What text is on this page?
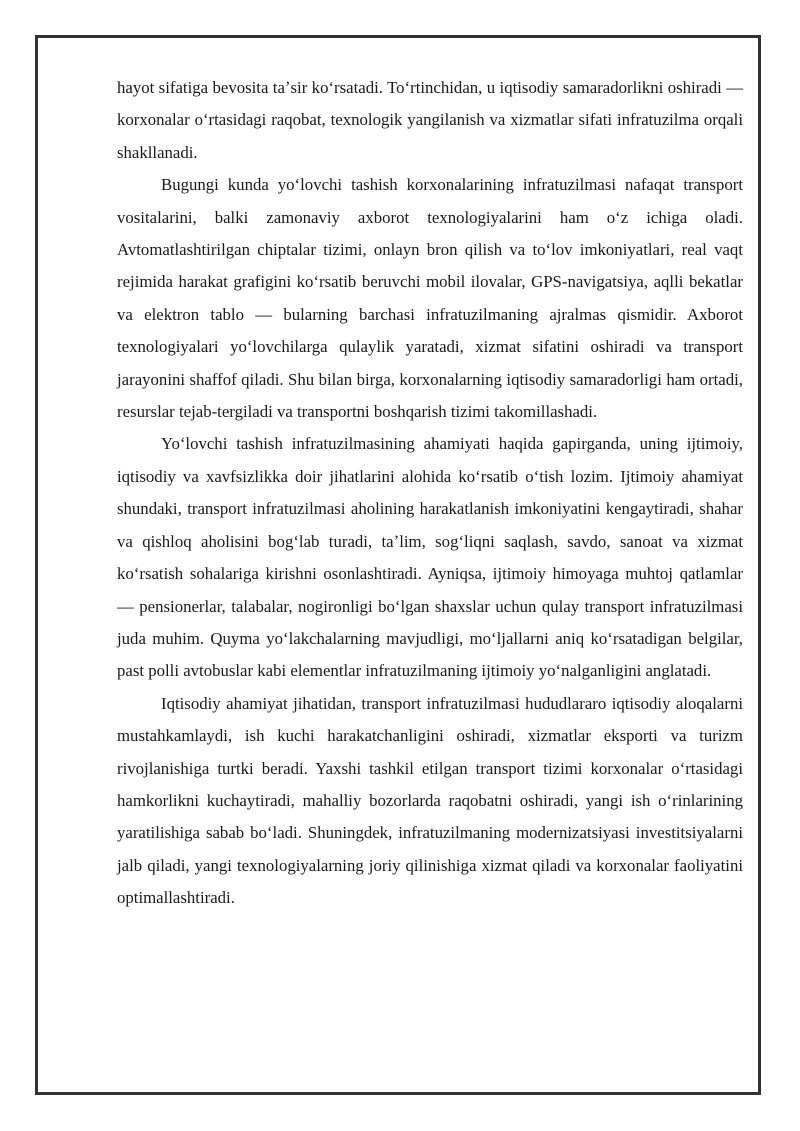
hayot sifatiga bevosita taʼsir koʻrsatadi. Toʻrtinchidan, u iqtisodiy samaradorlikni oshiradi — korxonalar oʻrtasidagi raqobat, texnologik yangilanish va xizmatlar sifati infratuzilma orqali shakllanadi.

Bugungi kunda yoʻlovchi tashish korxonalarining infratuzilmasi nafaqat transport vositalarini, balki zamonaviy axborot texnologiyalarini ham oʻz ichiga oladi. Avtomatlashtirilgan chiptalar tizimi, onlayn bron qilish va toʻlov imkoniyatlari, real vaqt rejimida harakat grafigini koʻrsatib beruvchi mobil ilovalar, GPS-navigatsiya, aqlli bekatlar va elektron tablo — bularning barchasi infratuzilmaning ajralmas qismidir. Axborot texnologiyalari yoʻlovchilarga qulaylik yaratadi, xizmat sifatini oshiradi va transport jarayonini shaffof qiladi. Shu bilan birga, korxonalarning iqtisodiy samaradorligi ham ortadi, resurslar tejab-tergiladi va transportni boshqarish tizimi takomillashadi.

Yoʻlovchi tashish infratuzilmasining ahamiyati haqida gapirganda, uning ijtimoiy, iqtisodiy va xavfsizlikka doir jihatlarini alohida koʻrsatib oʻtish lozim. Ijtimoiy ahamiyat shundaki, transport infratuzilmasi aholining harakatlanish imkoniyatini kengaytiradi, shahar va qishloq aholisini bogʻlab turadi, taʼlim, sogʻliqni saqlash, savdo, sanoat va xizmat koʻrsatish sohalariga kirishni osonlashtiradi. Ayniqsa, ijtimoiy himoyaga muhtoj qatlamlar — pensionerlar, talabalar, nogironligi boʻlgan shaxslar uchun qulay transport infratuzilmasi juda muhim. Quyma yoʻlakchalarning mavjudligi, moʻljallarni aniq koʻrsatadigan belgilar, past polli avtobuslar kabi elementlar infratuzilmaning ijtimoiy yoʻnalganligini anglatadi.

Iqtisodiy ahamiyat jihatidan, transport infratuzilmasi hududlararo iqtisodiy aloqalarni mustahkamlaydi, ish kuchi harakatchanligini oshiradi, xizmatlar eksporti va turizm rivojlanishiga turtki beradi. Yaxshi tashkil etilgan transport tizimi korxonalar oʻrtasidagi hamkorlikni kuchaytiradi, mahalliy bozorlarda raqobatni oshiradi, yangi ish oʻrinlarining yaratilishiga sabab boʻladi. Shuningdek, infratuzilmaning modernizatsiyasi investitsiyalarni jalb qiladi, yangi texnologiyalarning joriy qilinishiga xizmat qiladi va korxonalar faoliyatini optimallashtiradi.
